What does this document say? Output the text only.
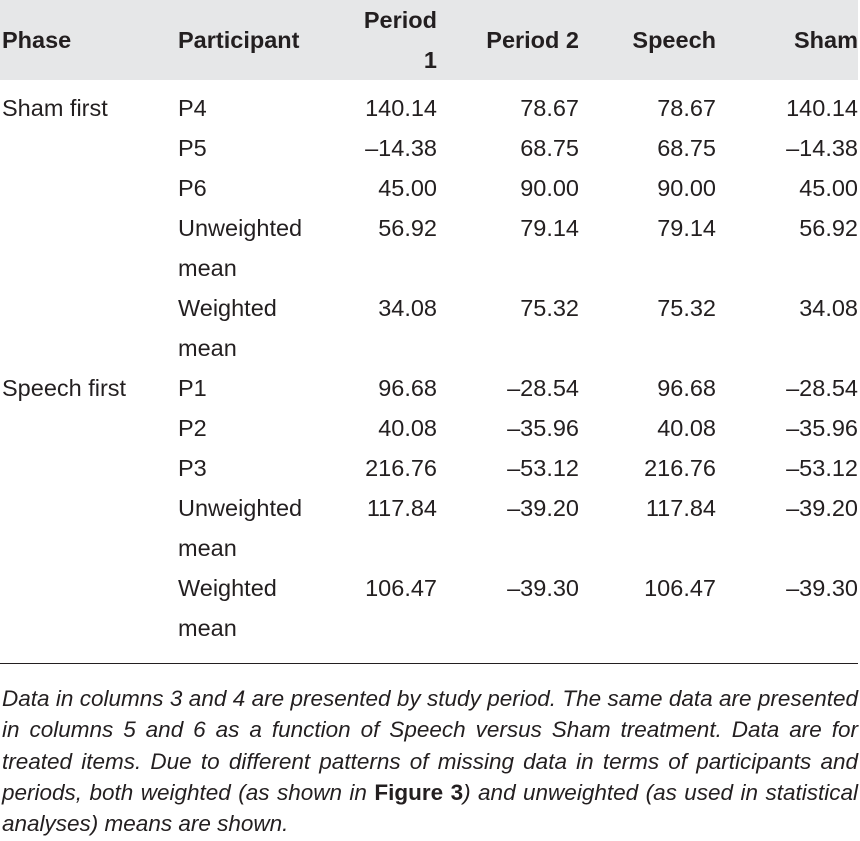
Phase	Participant	Period 1	Period 2	Speech	Sham
Sham first	P4	140.14	78.67	78.67	140.14
	P5	–14.38	68.75	68.75	–14.38
	P6	45.00	90.00	90.00	45.00
	Unweighted	56.92	79.14	79.14	56.92
	mean				
	Weighted	34.08	75.32	75.32	34.08
	mean				
Speech first	P1	96.68	–28.54	96.68	–28.54
	P2	40.08	–35.96	40.08	–35.96
	P3	216.76	–53.12	216.76	–53.12
	Unweighted	117.84	–39.20	117.84	–39.20
	mean				
	Weighted	106.47	–39.30	106.47	–39.30
	mean				

Data in columns 3 and 4 are presented by study period. The same data are presented in columns 5 and 6 as a function of Speech versus Sham treatment. Data are for treated items. Due to different patterns of missing data in terms of participants and periods, both weighted (as shown in Figure 3) and unweighted (as used in statistical analyses) means are shown.
